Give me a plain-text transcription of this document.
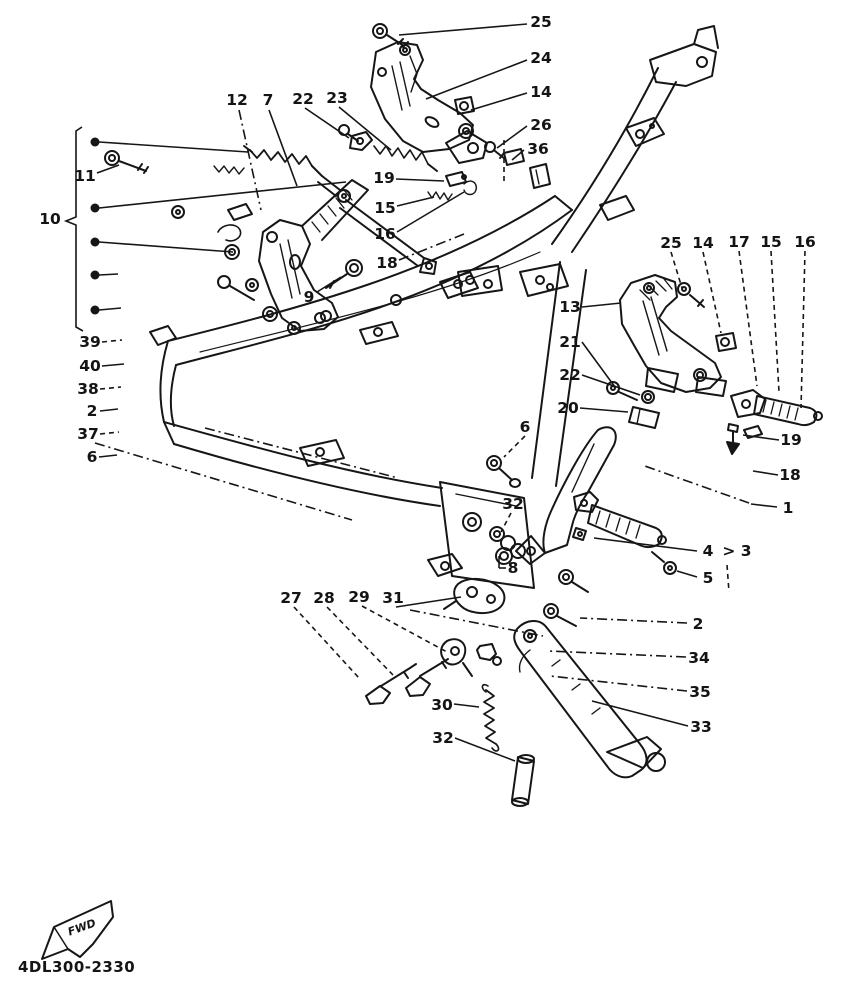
25
24
14
26
36
12 7 22 23
11
10
19
15
16
18
9
39
40
38
2
37
6
25 14 17 15 16
13
21
22
20
19
18
1
6
32
8
4 > 3
5
2
34
35
33
27 28 29 31
30
32
FWD
4DL300-2330
